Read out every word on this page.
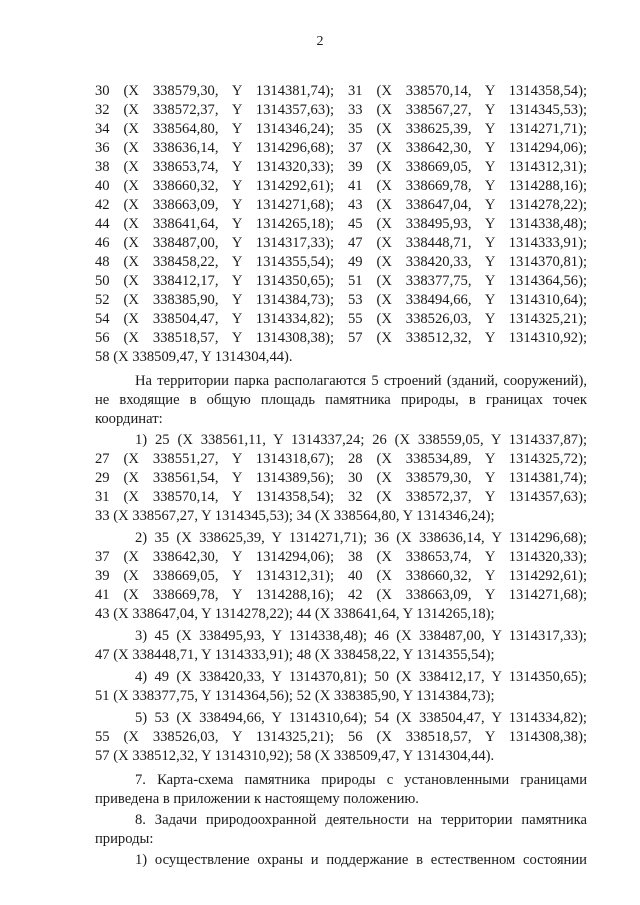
2
30 (X 338579,30, Y 1314381,74); 31 (X 338570,14, Y 1314358,54);
32 (X 338572,37, Y 1314357,63); 33 (X 338567,27, Y 1314345,53);
34 (X 338564,80, Y 1314346,24); 35 (X 338625,39, Y 1314271,71);
36 (X 338636,14, Y 1314296,68); 37 (X 338642,30, Y 1314294,06);
38 (X 338653,74, Y 1314320,33); 39 (X 338669,05, Y 1314312,31);
40 (X 338660,32, Y 1314292,61); 41 (X 338669,78, Y 1314288,16);
42 (X 338663,09, Y 1314271,68); 43 (X 338647,04, Y 1314278,22);
44 (X 338641,64, Y 1314265,18); 45 (X 338495,93, Y 1314338,48);
46 (X 338487,00, Y 1314317,33); 47 (X 338448,71, Y 1314333,91);
48 (X 338458,22, Y 1314355,54); 49 (X 338420,33, Y 1314370,81);
50 (X 338412,17, Y 1314350,65); 51 (X 338377,75, Y 1314364,56);
52 (X 338385,90, Y 1314384,73); 53 (X 338494,66, Y 1314310,64);
54 (X 338504,47, Y 1314334,82); 55 (X 338526,03, Y 1314325,21);
56 (X 338518,57, Y 1314308,38); 57 (X 338512,32, Y 1314310,92);
58 (X 338509,47, Y 1314304,44).
На территории парка располагаются 5 строений (зданий, сооружений),
не входящие в общую площадь памятника природы, в границах точек
координат:
1) 25 (X 338561,11, Y 1314337,24; 26 (X 338559,05, Y 1314337,87);
27 (X 338551,27, Y 1314318,67); 28 (X 338534,89, Y 1314325,72);
29 (X 338561,54, Y 1314389,56); 30 (X 338579,30, Y 1314381,74);
31 (X 338570,14, Y 1314358,54); 32 (X 338572,37, Y 1314357,63);
33 (X 338567,27, Y 1314345,53); 34 (X 338564,80, Y 1314346,24);
2) 35 (X 338625,39, Y 1314271,71); 36 (X 338636,14, Y 1314296,68);
37 (X 338642,30, Y 1314294,06); 38 (X 338653,74, Y 1314320,33);
39 (X 338669,05, Y 1314312,31); 40 (X 338660,32, Y 1314292,61);
41 (X 338669,78, Y 1314288,16); 42 (X 338663,09, Y 1314271,68);
43 (X 338647,04, Y 1314278,22); 44 (X 338641,64, Y 1314265,18);
3) 45 (X 338495,93, Y 1314338,48); 46 (X 338487,00, Y 1314317,33);
47 (X 338448,71, Y 1314333,91); 48 (X 338458,22, Y 1314355,54);
4) 49 (X 338420,33, Y 1314370,81); 50 (X 338412,17, Y 1314350,65);
51 (X 338377,75, Y 1314364,56); 52 (X 338385,90, Y 1314384,73);
5) 53 (X 338494,66, Y 1314310,64); 54 (X 338504,47, Y 1314334,82);
55 (X 338526,03, Y 1314325,21); 56 (X 338518,57, Y 1314308,38);
57 (X 338512,32, Y 1314310,92); 58 (X 338509,47, Y 1314304,44).
7. Карта-схема памятника природы с установленными границами
приведена в приложении к настоящему положению.
8. Задачи природоохранной деятельности на территории памятника
природы:
1) осуществление охраны и поддержание в естественном состоянии
